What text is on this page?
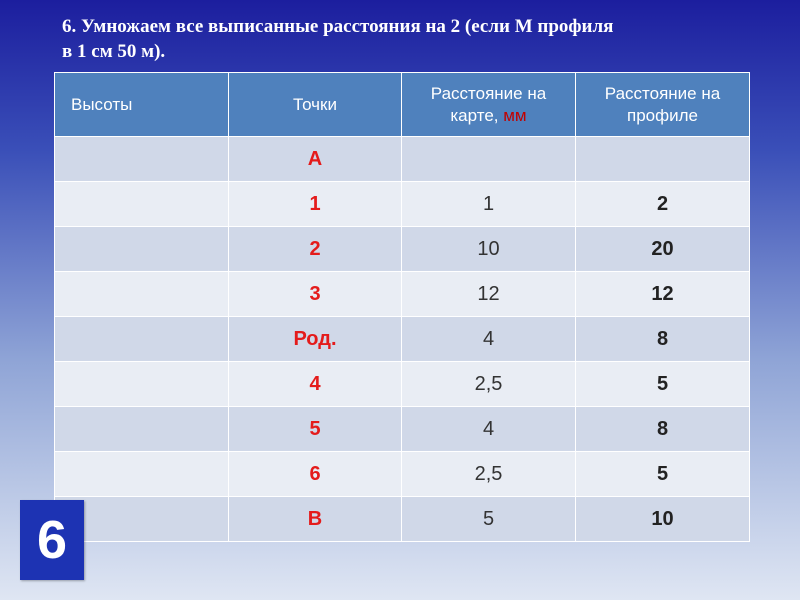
6. Умножаем все выписанные расстояния на 2 (если М профиля
в 1 см 50 м).
Высоты	Точки	Расстояние на карте, мм	Расстояние на профиле
	А		
	1	1	2
	2	10	20
	3	12	12
	Род.	4	8
	4	2,5	5
	5	4	8
	6	2,5	5
	В	5	10
6
